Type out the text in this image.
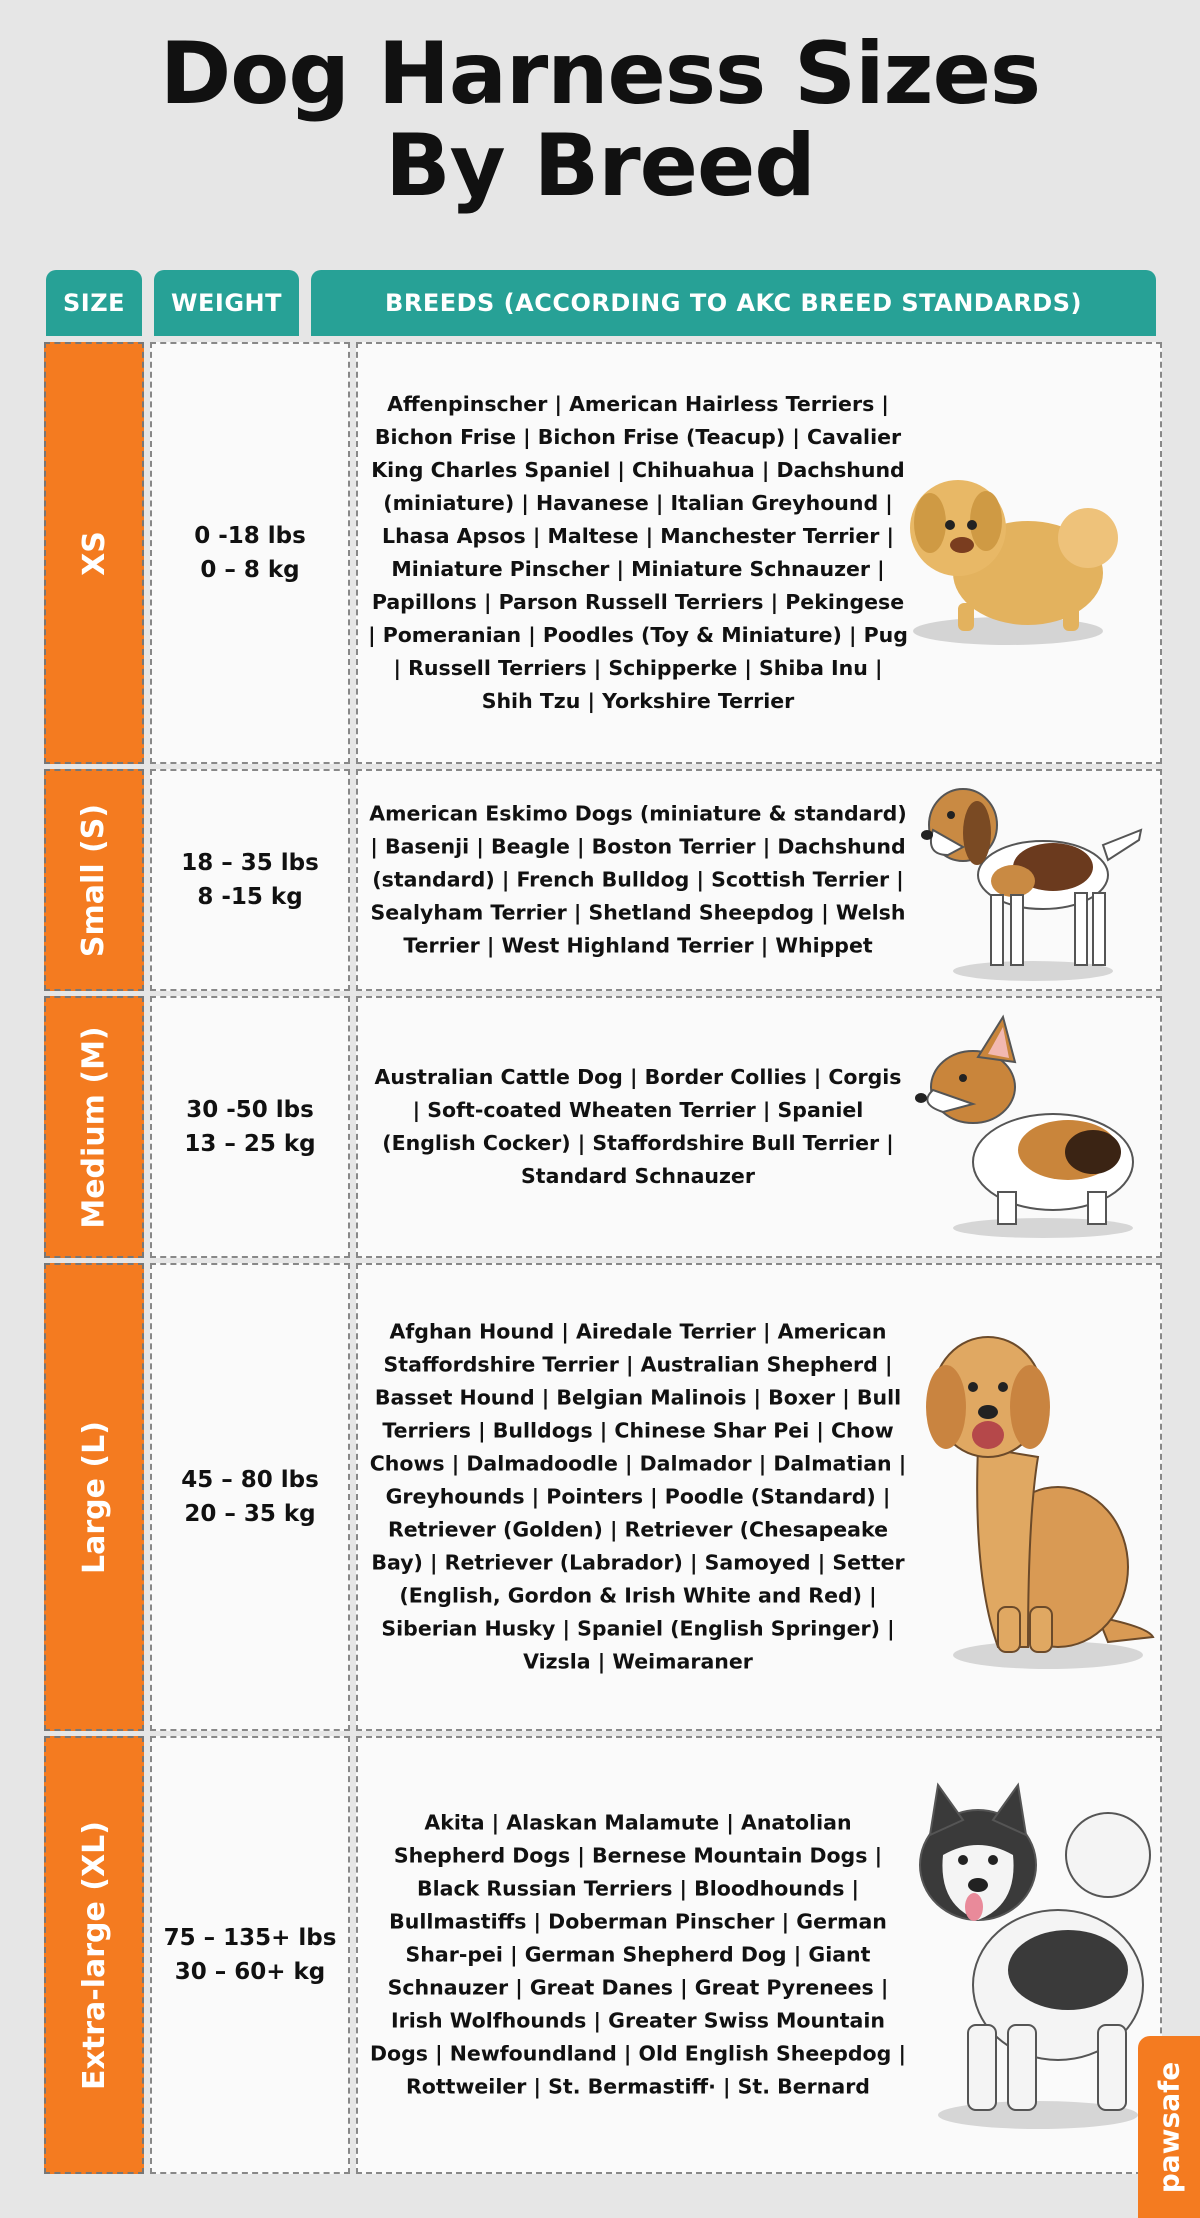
Dog Harness Sizes
By Breed
SIZE	WEIGHT	BREEDS (ACCORDING TO AKC BREED STANDARDS)
XS	0 -18 lbs
0 – 8 kg
Affenpinscher | American Hairless Terriers | Bichon Frise | Bichon Frise (Teacup) | Cavalier King Charles Spaniel | Chihuahua | Dachshund (miniature) | Havanese | Italian Greyhound | Lhasa Apsos | Maltese | Manchester Terrier | Miniature Pinscher | Miniature Schnauzer | Papillons | Parson Russell Terriers | Pekingese | Pomeranian | Poodles (Toy & Miniature) | Pug | Russell Terriers | Schipperke | Shiba Inu | Shih Tzu | Yorkshire Terrier
Small (S)	18 – 35 lbs
8 -15 kg
American Eskimo Dogs (miniature & standard) | Basenji | Beagle | Boston Terrier | Dachshund (standard) | French Bulldog | Scottish Terrier | Sealyham Terrier | Shetland Sheepdog | Welsh Terrier | West Highland Terrier | Whippet
Medium (M)	30 -50 lbs
13 – 25 kg
Australian Cattle Dog | Border Collies | Corgis | Soft-coated Wheaten Terrier | Spaniel (English Cocker) | Staffordshire Bull Terrier | Standard Schnauzer
Large (L)	45 – 80 lbs
20 – 35 kg
Afghan Hound | Airedale Terrier | American Staffordshire Terrier | Australian Shepherd | Basset Hound | Belgian Malinois | Boxer | Bull Terriers | Bulldogs | Chinese Shar Pei | Chow Chows | Dalmadoodle | Dalmador | Dalmatian | Greyhounds | Pointers | Poodle (Standard) | Retriever (Golden) | Retriever (Chesapeake Bay) | Retriever (Labrador) | Samoyed | Setter (English, Gordon & Irish White and Red) | Siberian Husky | Spaniel (English Springer) | Vizsla | Weimaraner
Extra-large (XL) 75 – 135+ lbs
30 – 60+ kg
Akita | Alaskan Malamute | Anatolian Shepherd Dogs | Bernese Mountain Dogs | Black Russian Terriers | Bloodhounds | Bullmastiffs | Doberman Pinscher | German Shar-pei | German Shepherd Dog | Giant Schnauzer | Great Danes | Great Pyrenees | Irish Wolfhounds | Greater Swiss Mountain Dogs | Newfoundland | Old English Sheepdog | Rottweiler | St. Bermastiff· | St. Bernard	pawsafe
